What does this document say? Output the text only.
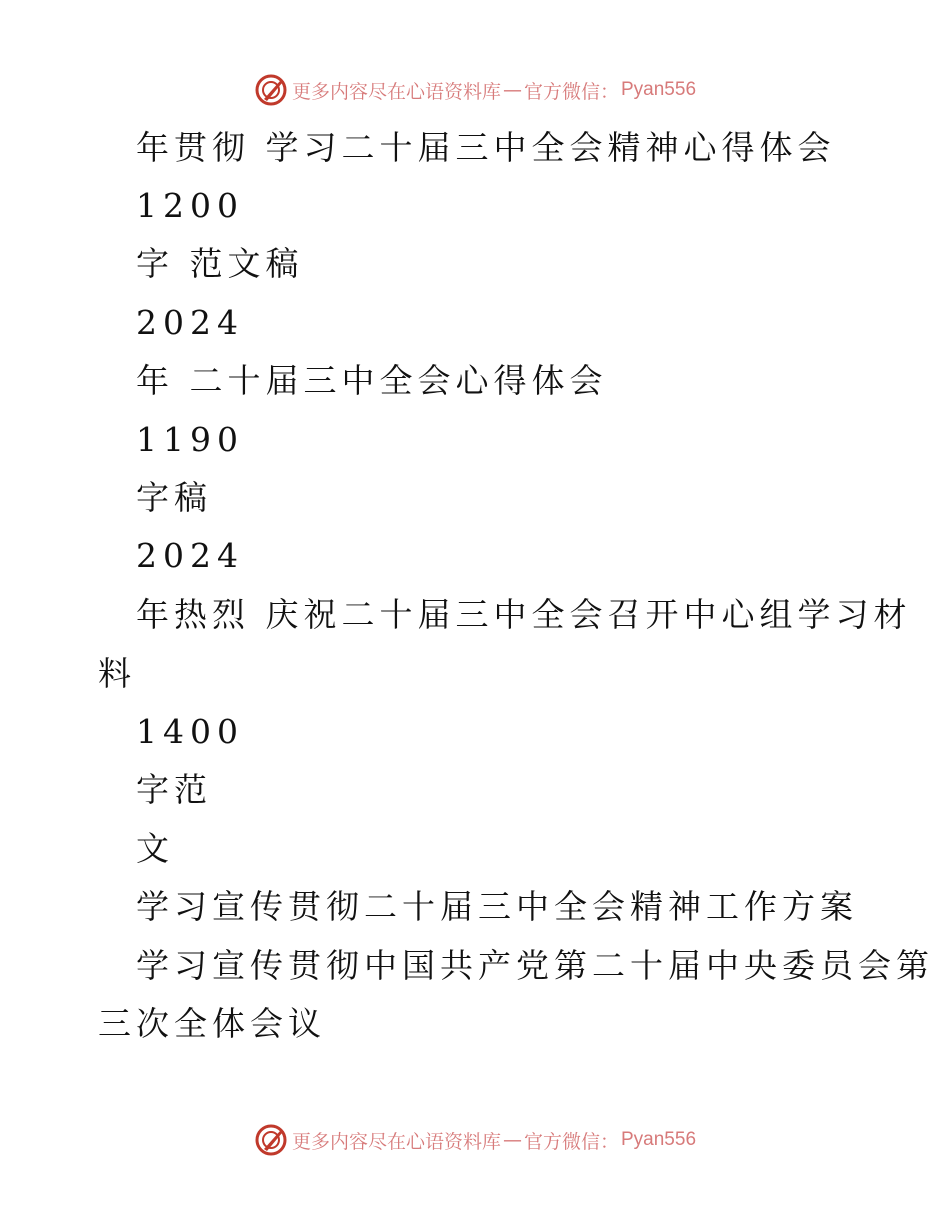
更多内容尽在心语资料库 — 官方微信： Pyan556
年贯彻 学习二十届三中全会精神心得体会
1200
字 范文稿
2024
年 二十届三中全会心得体会
1190
字稿
2024
年热烈 庆祝二十届三中全会召开中心组学习材
料
1400
字范
文
学习宣传贯彻二十届三中全会精神工作方案
学习宣传贯彻中国共产党第二十届中央委员会第
三次全体会议
更多内容尽在心语资料库 — 官方微信： Pyan556
